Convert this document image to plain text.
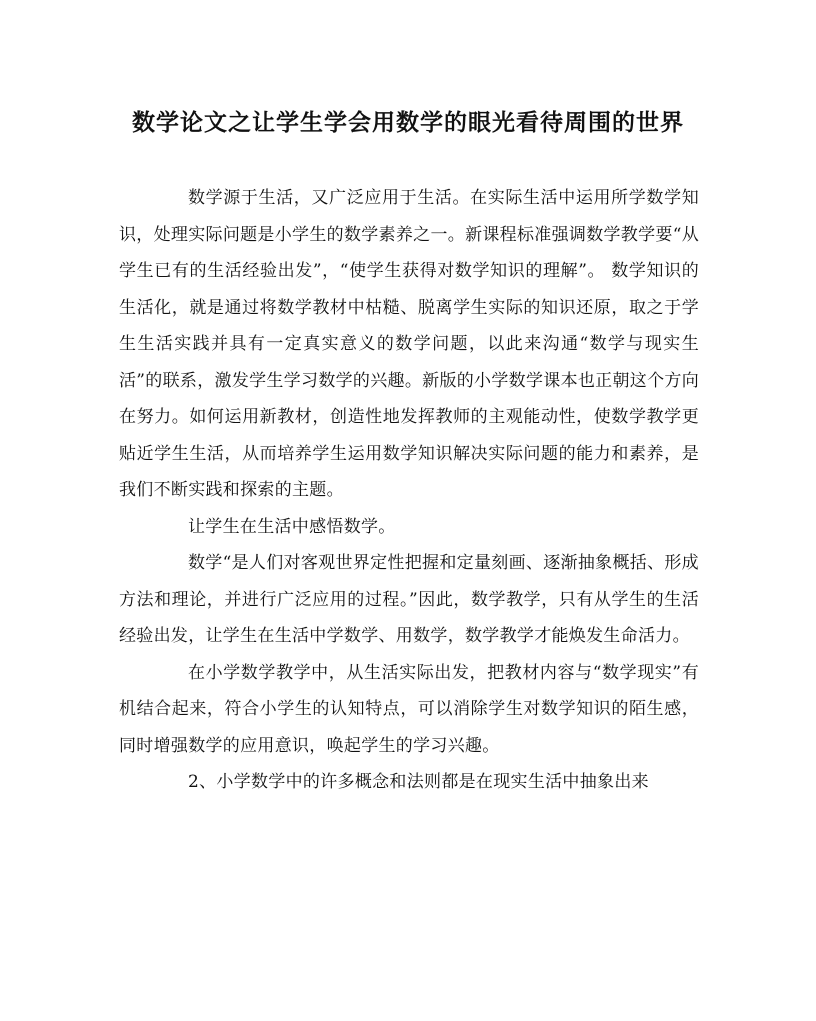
数学论文之让学生学会用数学的眼光看待周围的世界

数学源于生活，又广泛应用于生活。在实际生活中运用所学数学知识，处理实际问题是小学生的数学素养之一。新课程标准强调数学教学要“从学生已有的生活经验出发”，“使学生获得对数学知识的理解”。 数学知识的生活化，就是通过将数学教材中枯糙、脱离学生实际的知识还原，取之于学生生活实践并具有一定真实意义的数学问题，以此来沟通“数学与现实生活”的联系，激发学生学习数学的兴趣。新版的小学数学课本也正朝这个方向在努力。如何运用新教材，创造性地发挥教师的主观能动性，使数学教学更贴近学生生活，从而培养学生运用数学知识解决实际问题的能力和素养，是我们不断实践和探索的主题。

让学生在生活中感悟数学。

数学“是人们对客观世界定性把握和定量刻画、逐渐抽象概括、形成方法和理论，并进行广泛应用的过程。”因此，数学教学，只有从学生的生活经验出发，让学生在生活中学数学、用数学，数学教学才能焕发生命活力。

在小学数学教学中，从生活实际出发，把教材内容与“数学现实”有机结合起来，符合小学生的认知特点，可以消除学生对数学知识的陌生感，同时增强数学的应用意识，唤起学生的学习兴趣。

2、小学数学中的许多概念和法则都是在现实生活中抽象出来
